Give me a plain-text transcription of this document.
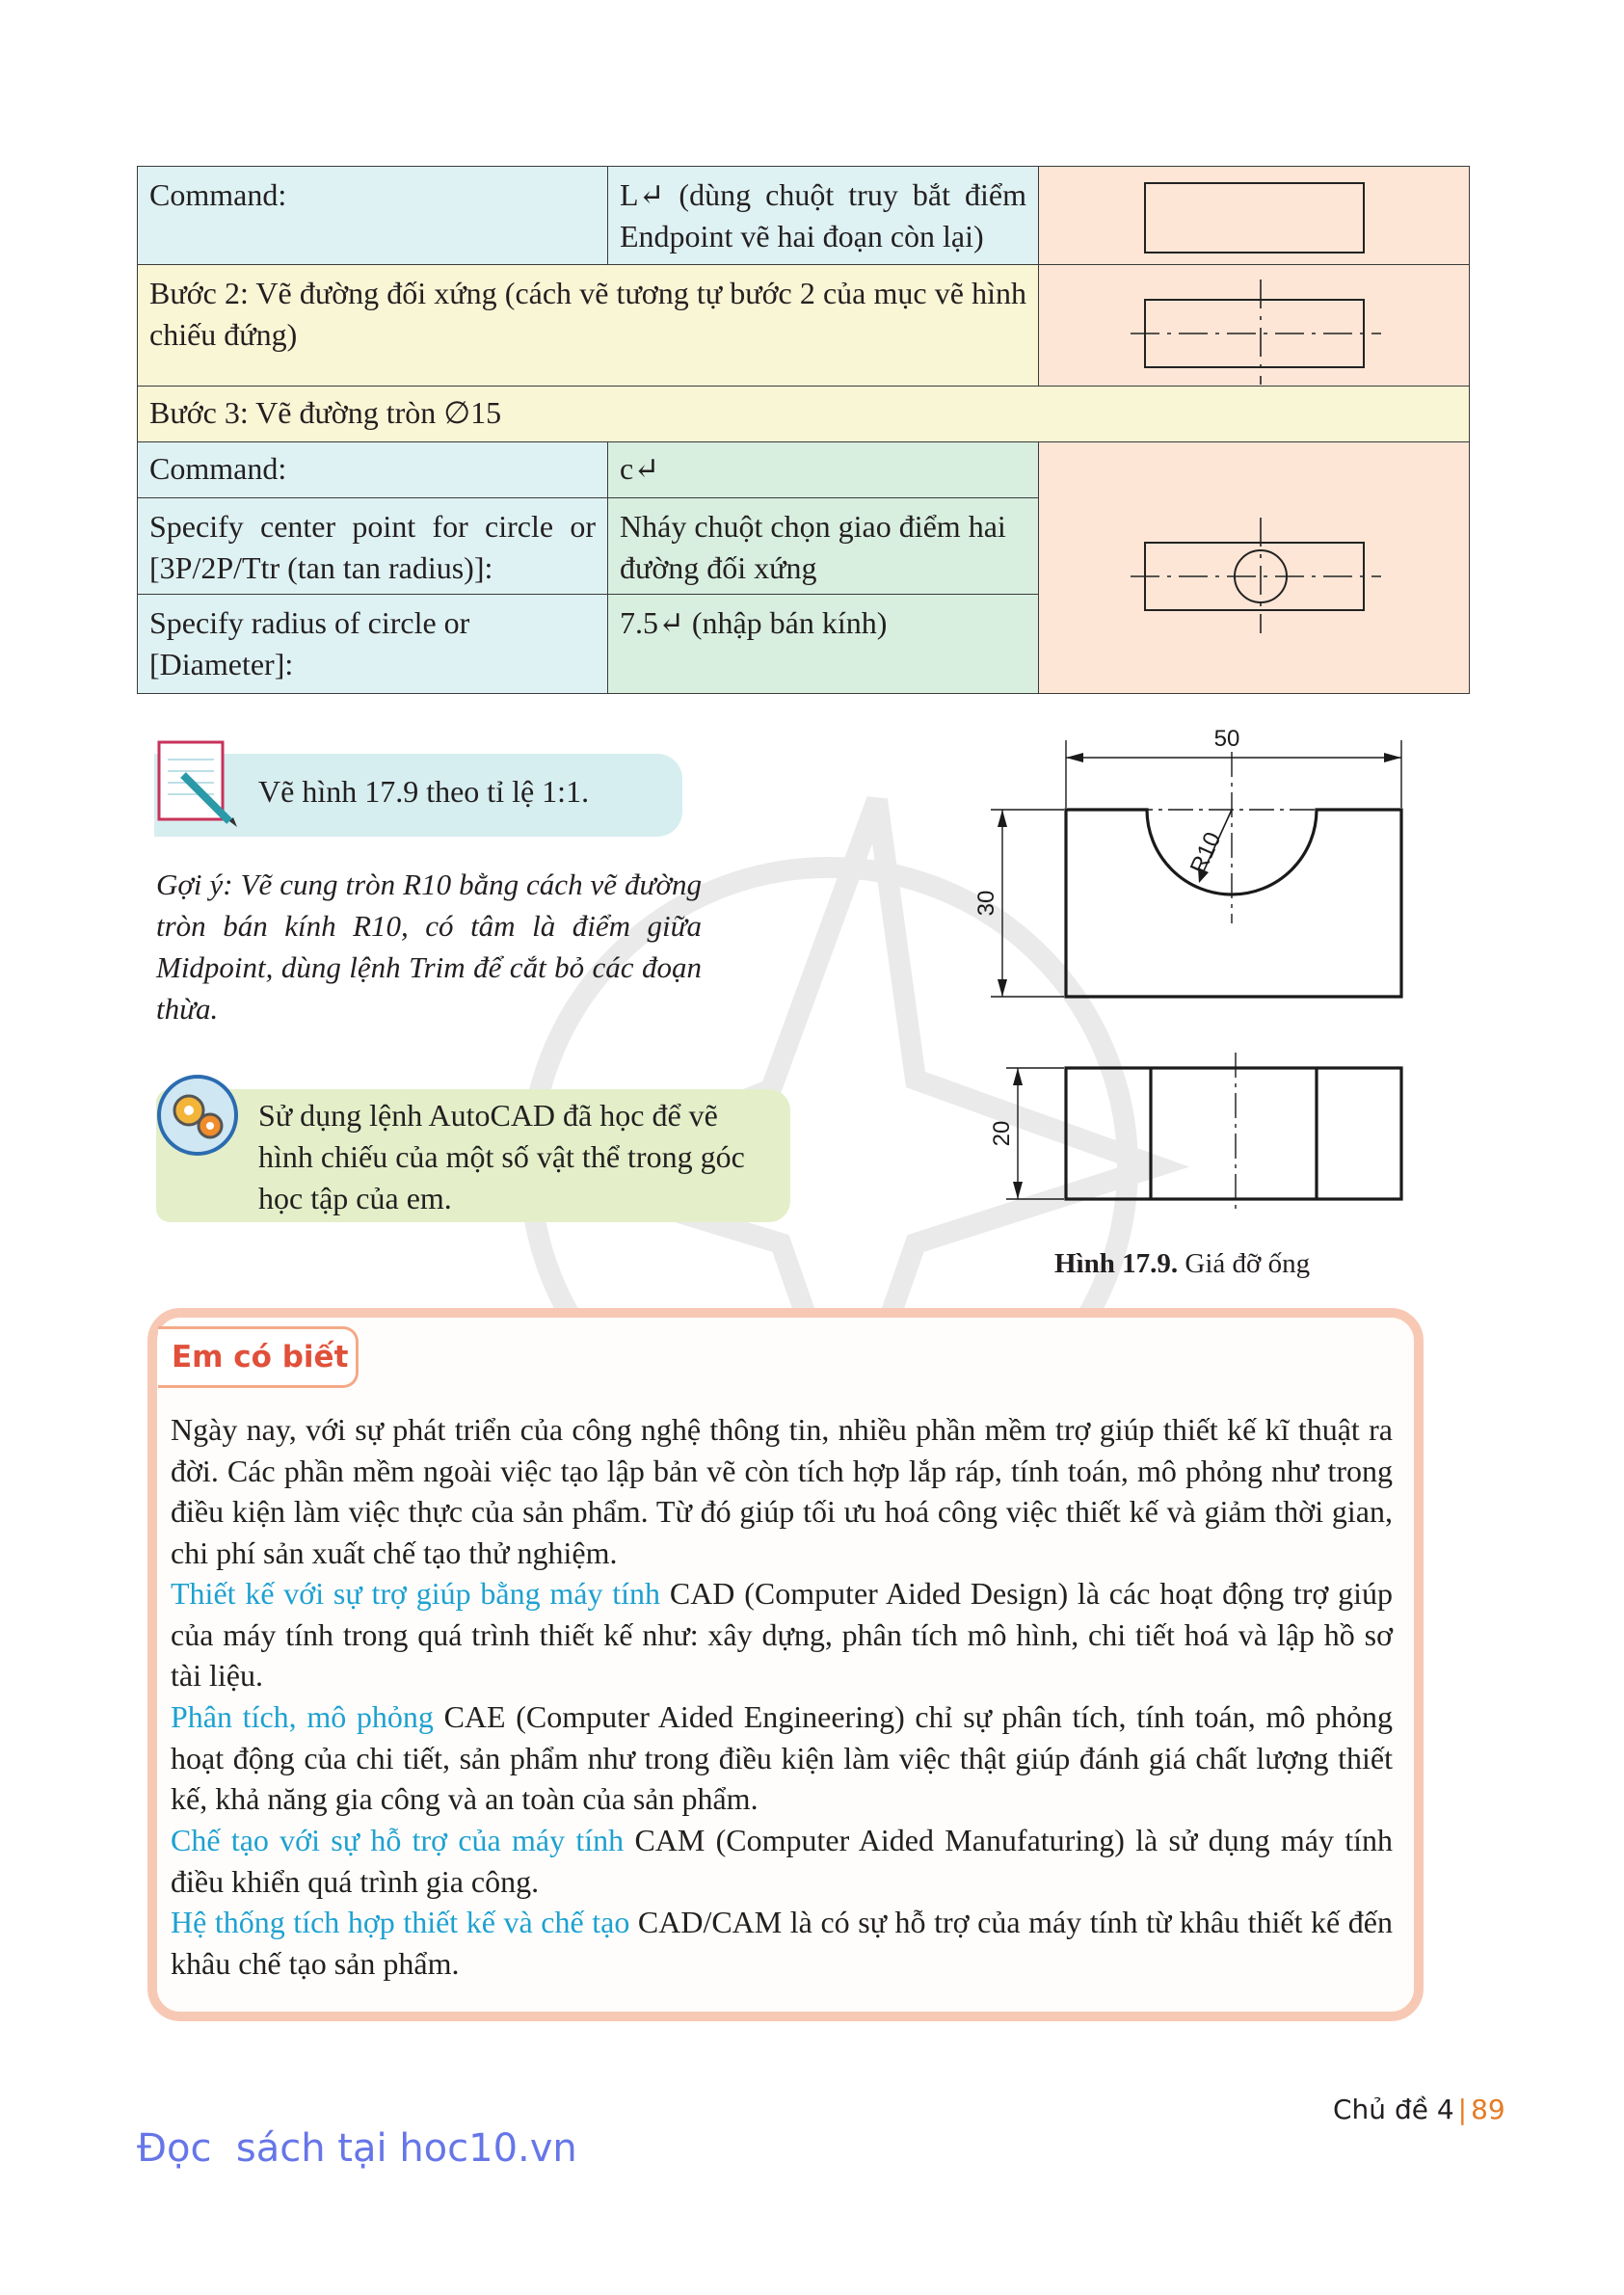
Command:	L↵ (dùng chuột truy bắt điểm Endpoint vẽ hai đoạn còn lại)
Bước 2: Vẽ đường đối xứng (cách vẽ tương tự bước 2 của mục vẽ hình chiếu đứng)
Bước 3: Vẽ đường tròn ∅15
Command:	c↵
Specify center point for circle or [3P/2P/Ttr (tan tan radius)]:
Nháy chuột chọn giao điểm hai đường đối xứng
Specify radius of circle or [Diameter]:
7.5↵ (nhập bán kính)
Vẽ hình 17.9 theo tỉ lệ 1:1.
Gợi ý: Vẽ cung tròn R10 bằng cách vẽ đường tròn bán kính R10, có tâm là điểm giữa Midpoint, dùng lệnh Trim để cắt bỏ các đoạn thừa.
Sử dụng lệnh AutoCAD đã học để vẽ hình chiếu của một số vật thể trong góc học tập của em.
50
R10
30
20
Hình 17.9. Giá đỡ ống
Em có biết
Ngày nay, với sự phát triển của công nghệ thông tin, nhiều phần mềm trợ giúp thiết kế kĩ thuật ra đời. Các phần mềm ngoài việc tạo lập bản vẽ còn tích hợp lắp ráp, tính toán, mô phỏng như trong điều kiện làm việc thực của sản phẩm. Từ đó giúp tối ưu hoá công việc thiết kế và giảm thời gian, chi phí sản xuất chế tạo thử nghiệm.
Thiết kế với sự trợ giúp bằng máy tính CAD (Computer Aided Design) là các hoạt động trợ giúp của máy tính trong quá trình thiết kế như: xây dựng, phân tích mô hình, chi tiết hoá và lập hồ sơ tài liệu.
Phân tích, mô phỏng CAE (Computer Aided Engineering) chỉ sự phân tích, tính toán, mô phỏng hoạt động của chi tiết, sản phẩm như trong điều kiện làm việc thật giúp đánh giá chất lượng thiết kế, khả năng gia công và an toàn của sản phẩm.
Chế tạo với sự hỗ trợ của máy tính CAM (Computer Aided Manufaturing) là sử dụng máy tính điều khiển quá trình gia công.
Hệ thống tích hợp thiết kế và chế tạo CAD/CAM là có sự hỗ trợ của máy tính từ khâu thiết kế đến khâu chế tạo sản phẩm.
Chủ đề 4 | 89
Đọc  sách tại hoc10.vn
